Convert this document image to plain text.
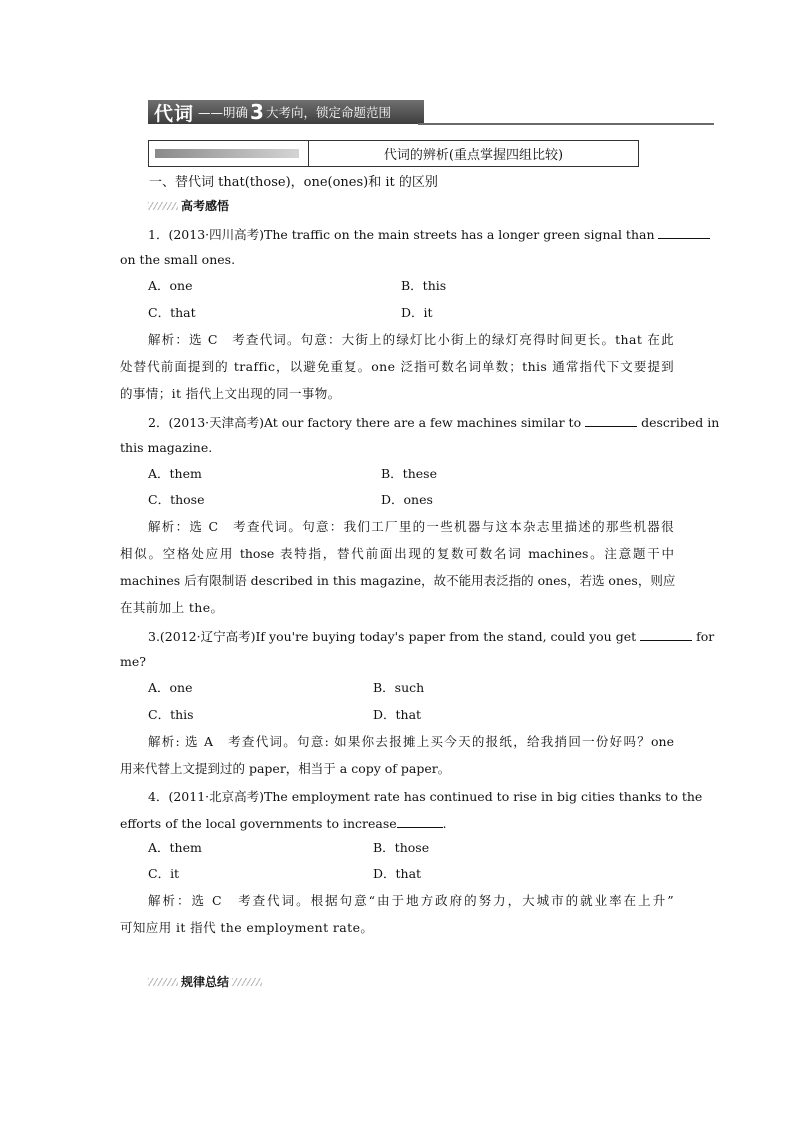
代词 ——明确 3 大考向，锁定命题范围
代词的辨析(重点掌握四组比较)
一、替代词 that(those)，one(ones)和 it 的区别
高考感悟
1．(2013·四川高考)The traffic on the main streets has a longer green signal than
on the small ones.
A．one	B．this
C．that	D．it
解析：选 C　考查代词。句意：大街上的绿灯比小街上的绿灯亮得时间更长。that 在此
处替代前面提到的 traffic，以避免重复。one 泛指可数名词单数；this 通常指代下文要提到
的事情；it 指代上文出现的同一事物。
2．(2013·天津高考)At our factory there are a few machines similar to	described in
this magazine.
A．them	B．these
C．those	D．ones
解析：选 C　考查代词。句意：我们工厂里的一些机器与这本杂志里描述的那些机器很
相似。空格处应用 those 表特指，替代前面出现的复数可数名词 machines。注意题干中
machines 后有限制语 described in this magazine，故不能用表泛指的 ones，若选 ones，则应
在其前加上 the。
3.(2012·辽宁高考)If you're buying today's paper from the stand, could you get	for
me?
A．one	B．such
C．this	D．that
解析: 选 A　考查代词。句意: 如果你去报摊上买今天的报纸，给我捎回一份好吗？one
用来代替上文提到过的 paper，相当于 a copy of paper。
4．(2011·北京高考)The employment rate has continued to rise in big cities thanks to the
efforts of the local governments to increase	.
A．them	B．those
C．it	D．that
解析：选 C　考查代词。根据句意“由于地方政府的努力，大城市的就业率在上升”
可知应用 it 指代 the employment rate。
规律总结
